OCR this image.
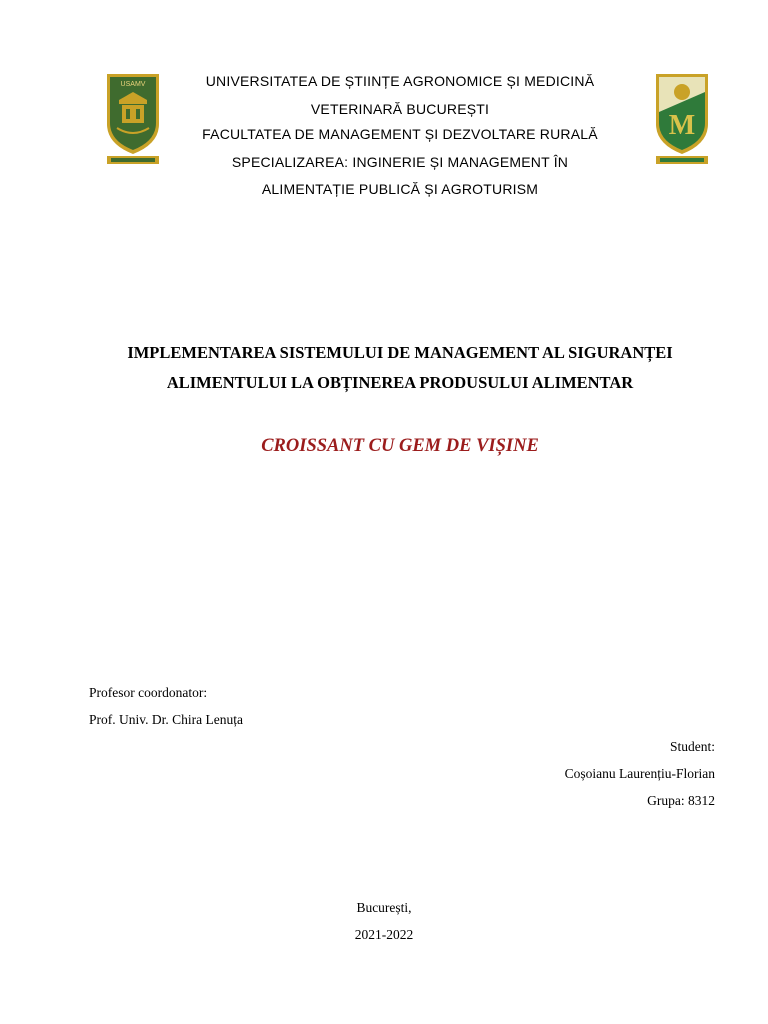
USAMV
M
UNIVERSITATEA DE ȘTIINȚE AGRONOMICE ȘI MEDICINĂ
VETERINARĂ BUCUREȘTI
FACULTATEA DE MANAGEMENT ȘI DEZVOLTARE RURALĂ
SPECIALIZAREA: INGINERIE ȘI MANAGEMENT ÎN
ALIMENTAȚIE PUBLICĂ ȘI AGROTURISM
IMPLEMENTAREA SISTEMULUI DE MANAGEMENT AL SIGURANȚEI
ALIMENTULUI LA OBȚINEREA PRODUSULUI ALIMENTAR
CROISSANT CU GEM DE VIȘINE
Profesor coordonator:
Prof. Univ. Dr. Chira Lenuța
Student:
Coșoianu Laurențiu-Florian
Grupa: 8312
București,
2021-2022
